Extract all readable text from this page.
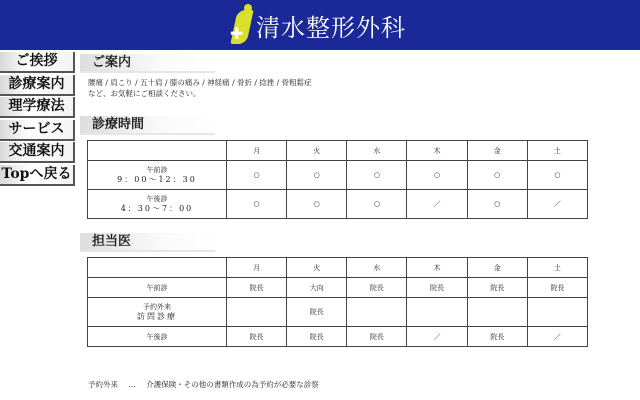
✚ 清水整形外科
ご挨拶
診療案内
理学療法
サービス
交通案内
Topへ戻る
ご案内
腰痛 / 肩こり / 五十肩 / 膝の痛み / 神経痛 / 骨折 / 捻挫 / 骨粗鬆症
など、お気軽にご相談ください。
診療時間
	月	火	水	木	金	土

午前診
9：00～12：30	○	○	○	○	○	○

午後診
4：30～7：00	○	○	○	／	○	／
担当医
	月	火	水	木	金	土

午前診	院長	大向	院長	院長	院長	院長

予約外来
訪問診療		院長				

午後診	院長	院長	院長	／	院長	／
予約外来 … 介護保険・その他の書類作成の為予約が必要な診察
